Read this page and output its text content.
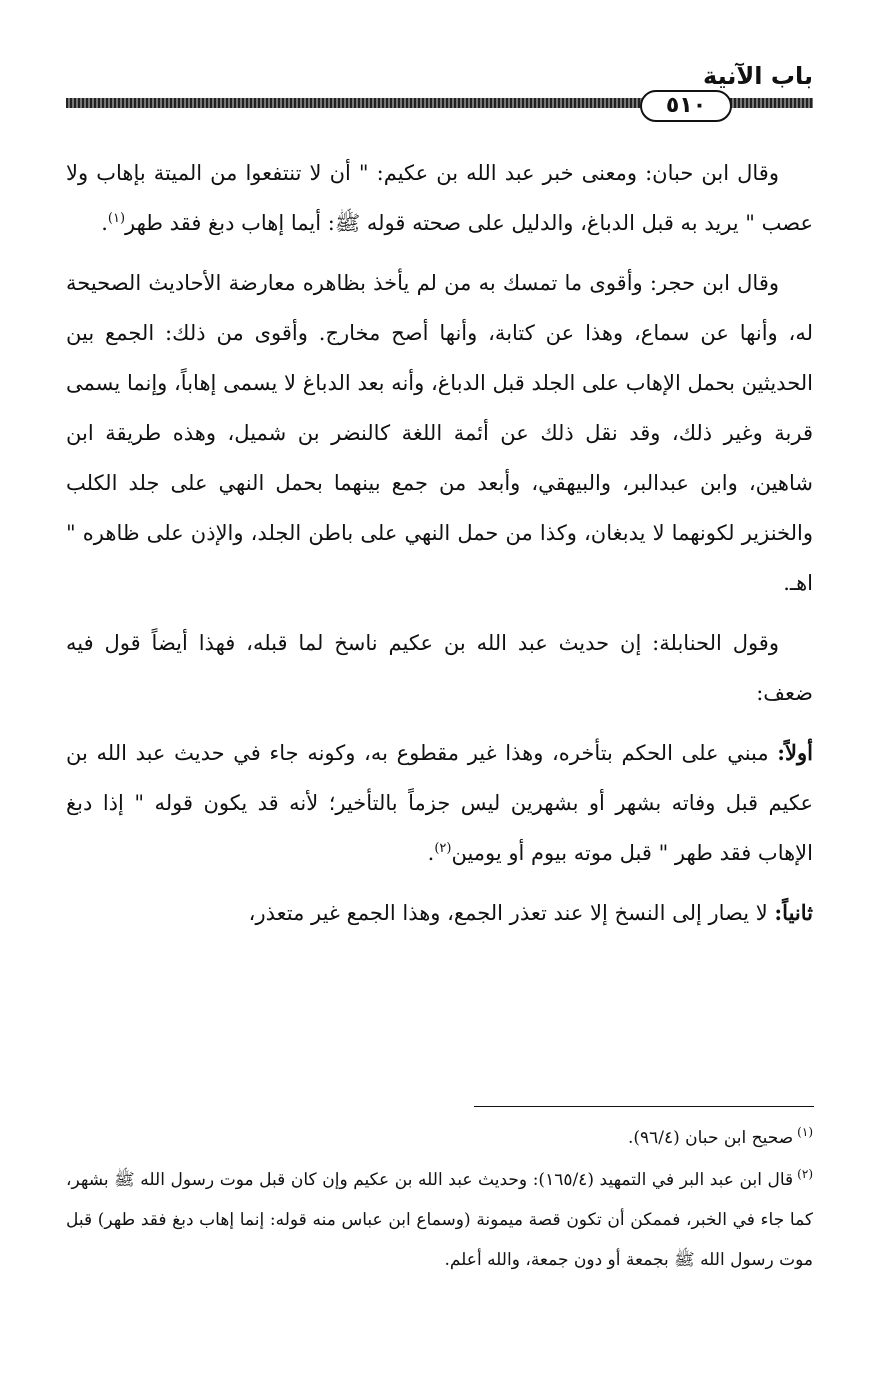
باب الآنية
٥١٠

وقال ابن حبان: ومعنى خبر عبد الله بن عكيم: " أن لا تنتفعوا من الميتة بإهاب ولا عصب " يريد به قبل الدباغ، والدليل على صحته قوله ﷺ: أيما إهاب دبغ فقد طهر$^{(١)}$.

وقال ابن حجر: وأقوى ما تمسك به من لم يأخذ بظاهره معارضة الأحاديث الصحيحة له، وأنها عن سماع، وهذا عن كتابة، وأنها أصح مخارج. وأقوى من ذلك: الجمع بين الحديثين بحمل الإهاب على الجلد قبل الدباغ، وأنه بعد الدباغ لا يسمى إهاباً، وإنما يسمى قربة وغير ذلك، وقد نقل ذلك عن أئمة اللغة كالنضر بن شميل، وهذه طريقة ابن شاهين، وابن عبدالبر، والبيهقي، وأبعد من جمع بينهما بحمل النهي على جلد الكلب والخنزير لكونهما لا يدبغان، وكذا من حمل النهي على باطن الجلد، والإذن على ظاهره " اهـ.

وقول الحنابلة: إن حديث عبد الله بن عكيم ناسخ لما قبله، فهذا أيضاً قول فيه ضعف:

أولاً: مبني على الحكم بتأخره، وهذا غير مقطوع به، وكونه جاء في حديث عبد الله بن عكيم قبل وفاته بشهر أو بشهرين ليس جزماً بالتأخير؛ لأنه قد يكون قوله " إذا دبغ الإهاب فقد طهر " قبل موته بيوم أو يومين$^{(٢)}$.

ثانياً: لا يصار إلى النسخ إلا عند تعذر الجمع، وهذا الجمع غير متعذر،

$^{(١)}$صحيح ابن حبان (٩٦/٤).

$^{(٢)}$قال ابن عبد البر في التمهيد (١٦٥/٤): وحديث عبد الله بن عكيم وإن كان قبل موت رسول الله ﷺ بشهر، كما جاء في الخبر، فممكن أن تكون قصة ميمونة (وسماع ابن عباس منه قوله: إنما إهاب دبغ فقد طهر) قبل موت رسول الله ﷺ بجمعة أو دون جمعة، والله أعلم.
